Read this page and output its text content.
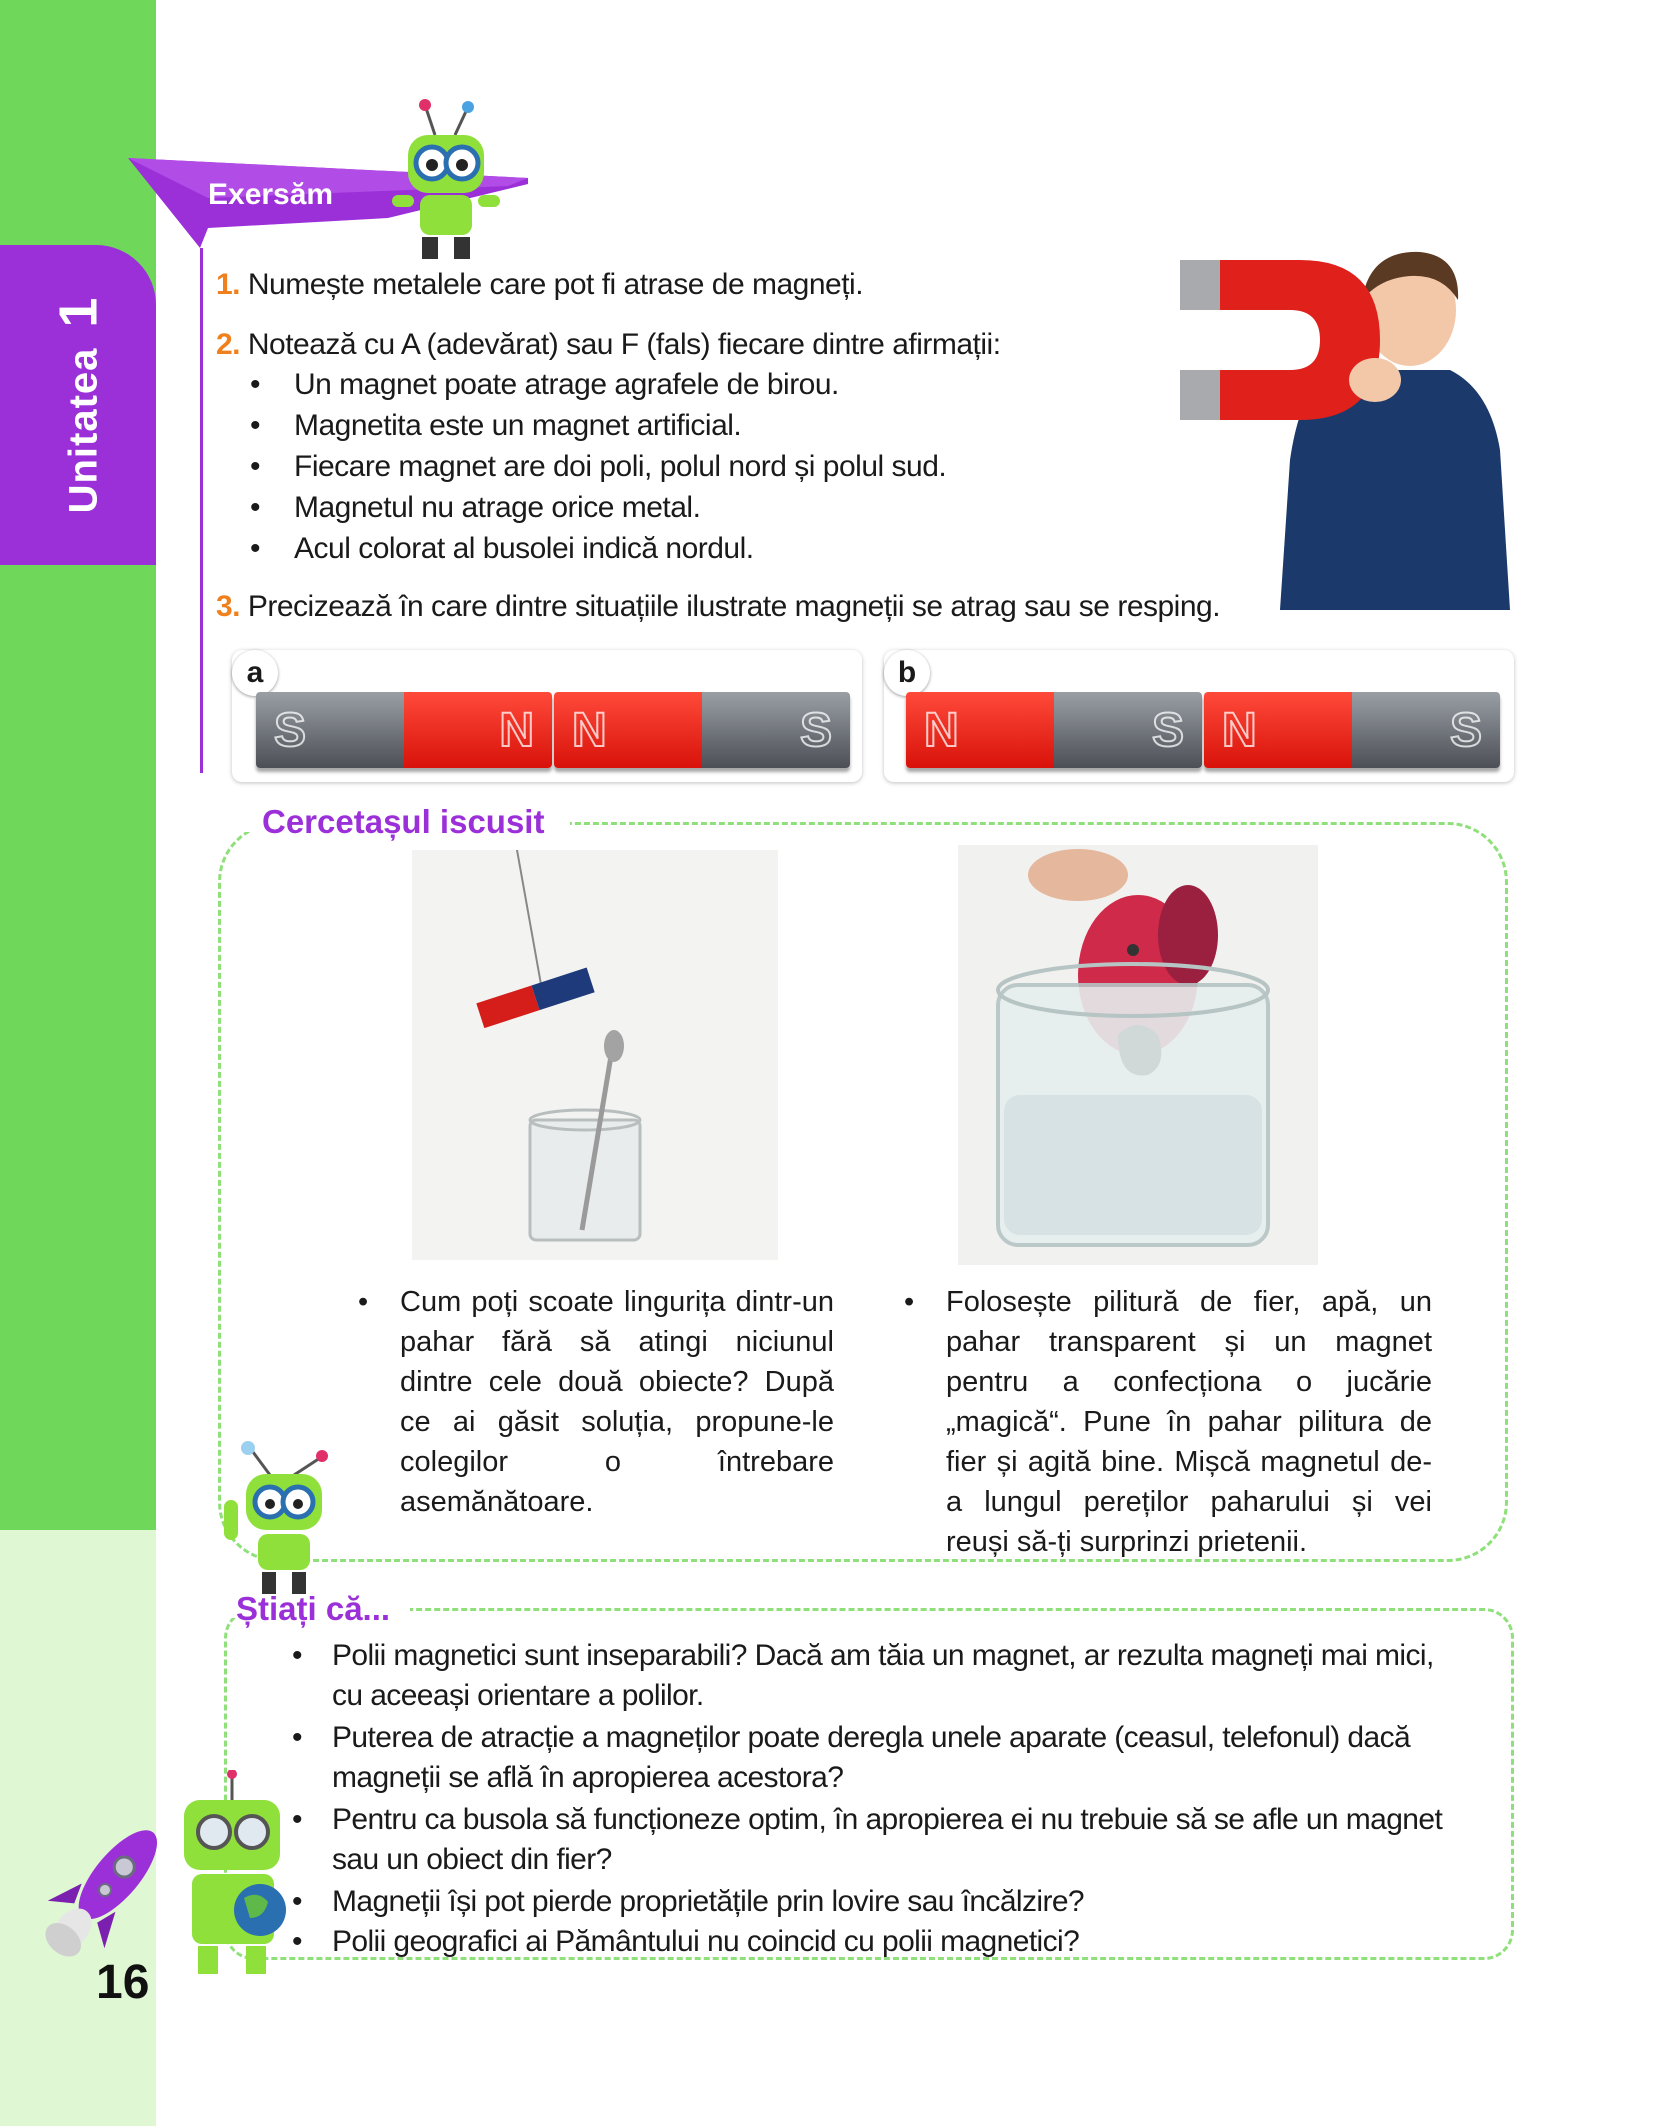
Unitatea1
16
Exersăm
1. Numește metalele care pot fi atrase de magneți.
2. Notează cu A (adevărat) sau F (fals) fiecare dintre afirmații:
• Un magnet poate atrage agrafele de birou.
• Magnetita este un magnet artificial.
• Fiecare magnet are doi poli, polul nord și polul sud.
• Magnetul nu atrage orice metal.
• Acul colorat al busolei indică nordul.
3. Precizează în care dintre situațiile ilustrate magneții se atrag sau se resping.
a
S	N N	S
b
N	S N	S
Cercetașul iscusit
• Cum poți scoate lingurița dintr-un pahar fără să atingi niciunul dintre cele două obiecte? După ce ai găsit soluția, propune-le colegilor o întrebare asemănătoare.
• Folosește pilitură de fier, apă, un pahar transparent și un magnet pentru a confecționa o jucărie „magică“. Pune în pahar pilitura de fier și agită bine. Mișcă magnetul de-a lungul pereților paharului și vei reuși să-ți surprinzi prietenii.
Știați că...
• Polii magnetici sunt inseparabili? Dacă am tăia un magnet, ar rezulta magneți mai mici,
cu aceeași orientare a polilor.
• Puterea de atracție a magneților poate deregla unele aparate (ceasul, telefonul) dacă
magneții se află în apropierea acestora?
• Pentru ca busola să funcționeze optim, în apropierea ei nu trebuie să se afle un magnet
sau un obiect din fier?
• Magneții își pot pierde proprietățile prin lovire sau încălzire?
• Polii geografici ai Pământului nu coincid cu polii magnetici?
